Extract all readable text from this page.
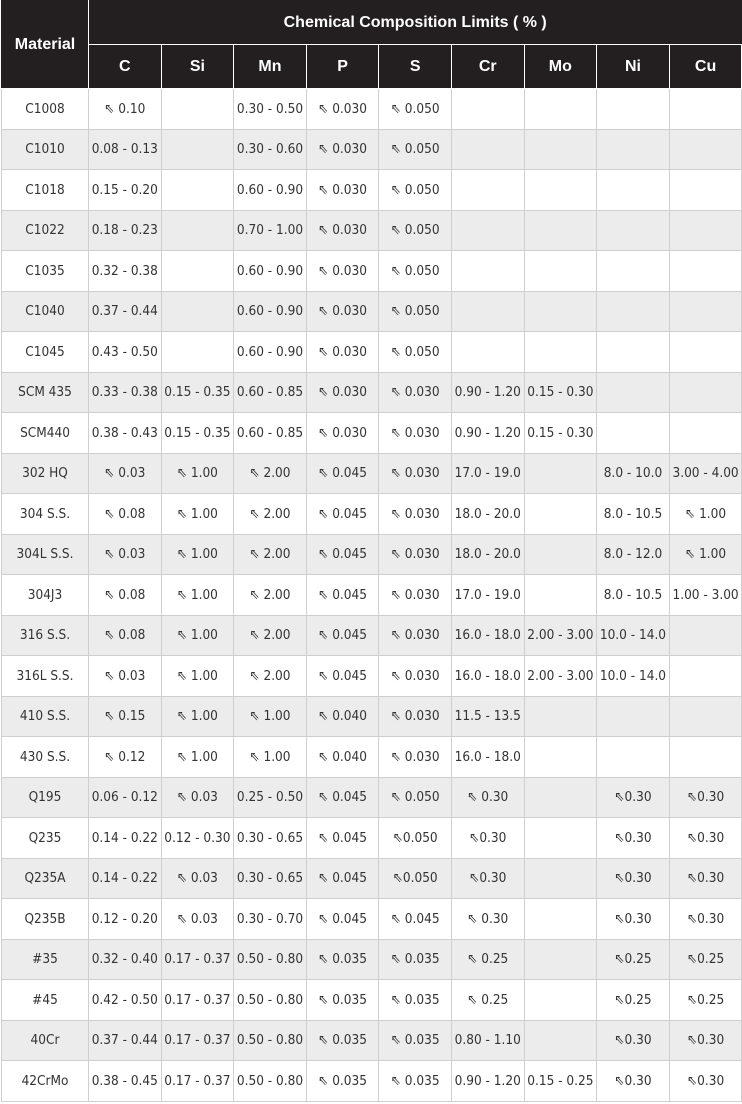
Material	Chemical Composition Limits ( % )								
	C	Si	Mn	P	S	Cr	Mo	Ni	Cu
C1008	⇖ 0.10		0.30 - 0.50	⇖ 0.030	⇖ 0.050				
C1010	0.08 - 0.13		0.30 - 0.60	⇖ 0.030	⇖ 0.050				
C1018	0.15 - 0.20		0.60 - 0.90	⇖ 0.030	⇖ 0.050				
C1022	0.18 - 0.23		0.70 - 1.00	⇖ 0.030	⇖ 0.050				
C1035	0.32 - 0.38		0.60 - 0.90	⇖ 0.030	⇖ 0.050				
C1040	0.37 - 0.44		0.60 - 0.90	⇖ 0.030	⇖ 0.050				
C1045	0.43 - 0.50		0.60 - 0.90	⇖ 0.030	⇖ 0.050				
SCM 435	0.33 - 0.38	0.15 - 0.35	0.60 - 0.85	⇖ 0.030	⇖ 0.030	0.90 - 1.20	0.15 - 0.30		
SCM440	0.38 - 0.43	0.15 - 0.35	0.60 - 0.85	⇖ 0.030	⇖ 0.030	0.90 - 1.20	0.15 - 0.30		
302 HQ	⇖ 0.03	⇖ 1.00	⇖ 2.00	⇖ 0.045	⇖ 0.030	17.0 - 19.0		8.0 - 10.0	3.00 - 4.00
304 S.S.	⇖ 0.08	⇖ 1.00	⇖ 2.00	⇖ 0.045	⇖ 0.030	18.0 - 20.0		8.0 - 10.5	⇖ 1.00
304L S.S.	⇖ 0.03	⇖ 1.00	⇖ 2.00	⇖ 0.045	⇖ 0.030	18.0 - 20.0		8.0 - 12.0	⇖ 1.00
304J3	⇖ 0.08	⇖ 1.00	⇖ 2.00	⇖ 0.045	⇖ 0.030	17.0 - 19.0		8.0 - 10.5	1.00 - 3.00
316 S.S.	⇖ 0.08	⇖ 1.00	⇖ 2.00	⇖ 0.045	⇖ 0.030	16.0 - 18.0	2.00 - 3.00	10.0 - 14.0	
316L S.S.	⇖ 0.03	⇖ 1.00	⇖ 2.00	⇖ 0.045	⇖ 0.030	16.0 - 18.0	2.00 - 3.00	10.0 - 14.0	
410 S.S.	⇖ 0.15	⇖ 1.00	⇖ 1.00	⇖ 0.040	⇖ 0.030	11.5 - 13.5			
430 S.S.	⇖ 0.12	⇖ 1.00	⇖ 1.00	⇖ 0.040	⇖ 0.030	16.0 - 18.0			
Q195	0.06 - 0.12	⇖ 0.03	0.25 - 0.50	⇖ 0.045	⇖ 0.050	⇖ 0.30		⇖0.30	⇖0.30
Q235	0.14 - 0.22	0.12 - 0.30	0.30 - 0.65	⇖ 0.045	⇖0.050	⇖0.30		⇖0.30	⇖0.30
Q235A	0.14 - 0.22	⇖ 0.03	0.30 - 0.65	⇖ 0.045	⇖0.050	⇖0.30		⇖0.30	⇖0.30
Q235B	0.12 - 0.20	⇖ 0.03	0.30 - 0.70	⇖ 0.045	⇖ 0.045	⇖ 0.30		⇖0.30	⇖0.30
#35	0.32 - 0.40	0.17 - 0.37	0.50 - 0.80	⇖ 0.035	⇖ 0.035	⇖ 0.25		⇖0.25	⇖0.25
#45	0.42 - 0.50	0.17 - 0.37	0.50 - 0.80	⇖ 0.035	⇖ 0.035	⇖ 0.25		⇖0.25	⇖0.25
40Cr	0.37 - 0.44	0.17 - 0.37	0.50 - 0.80	⇖ 0.035	⇖ 0.035	0.80 - 1.10		⇖0.30	⇖0.30
42CrMo	0.38 - 0.45	0.17 - 0.37	0.50 - 0.80	⇖ 0.035	⇖ 0.035	0.90 - 1.20	0.15 - 0.25	⇖0.30	⇖0.30
